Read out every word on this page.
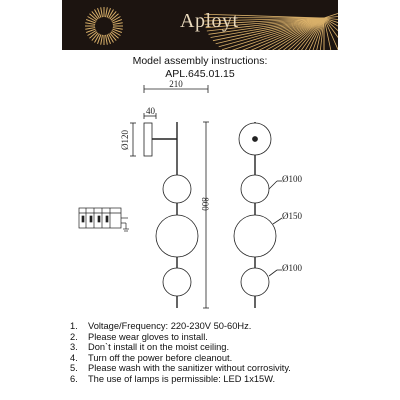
Aployt
Model assembly instructions:
APL.645.01.15
210
40
Ø120
800
Ø100
Ø150
Ø100
1. Voltage/Frequency: 220-230V 50-60Hz.
2. Please wear gloves to install.
3. Don`t install it on the moist ceiling.
4. Turn off the power before cleanout.
5. Please wash with the sanitizer without corrosivity.
6. The use of lamps is permissible: LED 1x15W.
